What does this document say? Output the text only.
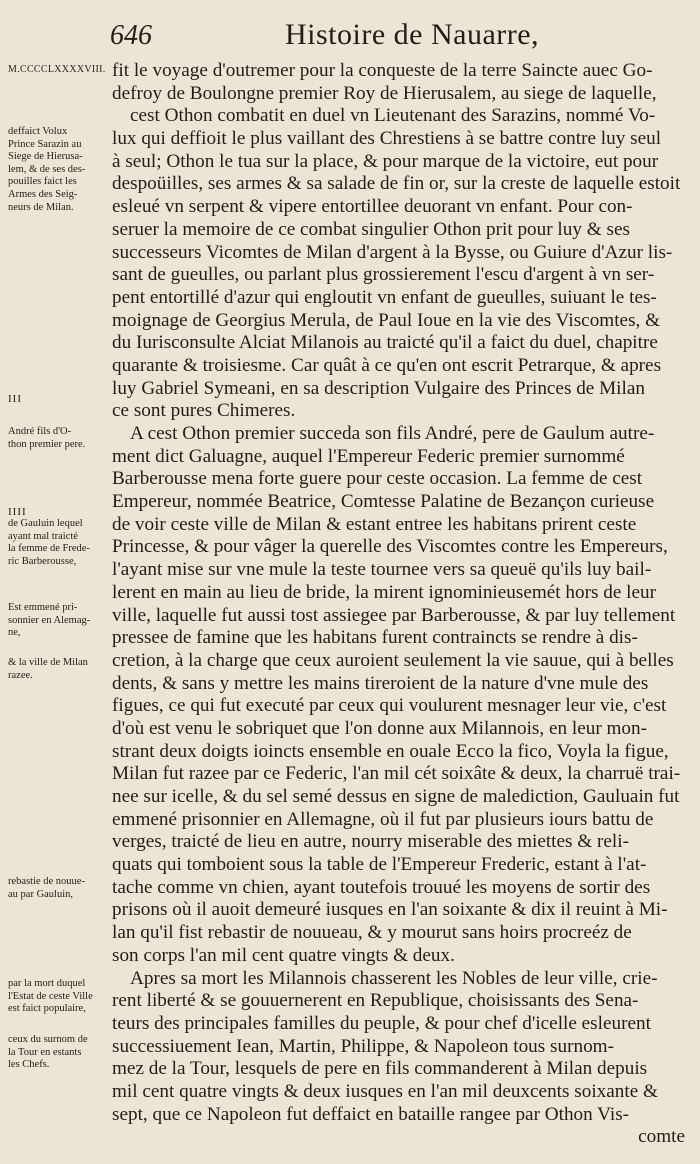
646	Histoire de Nauarre,
M.CCCCLXXXXVIII.
deffaict Volux
Prince Sarazin au
Siege de Hierusa-
lem, & de ses des-
pouilles faict les
Armes des Seig-
neurs de Milan.
III
André fils d'O-
thon premier pere.
IIII
de Gauluin lequel
ayant mal traicté
la femme de Frede-
ric Barberousse,
Est emmené pri-
sonnier en Alemag-
ne,
& la ville de Milan
razee.
rebastie de nouue-
au par Gauluin,
par la mort duquel
l'Estat de ceste Ville
est faict populaire,
ceux du surnom de
la Tour en estants
les Chefs.
fit le voyage d'outremer pour la conqueste de la terre Saincte auec Go-
defroy de Boulongne premier Roy de Hierusalem, au siege de laquelle,
cest Othon combatit en duel vn Lieutenant des Sarazins, nommé Vo-
lux qui deffioit le plus vaillant des Chrestiens à se battre contre luy seul
à seul; Othon le tua sur la place, & pour marque de la victoire, eut pour
despoüilles, ses armes & sa salade de fin or, sur la creste de laquelle estoit
esleué vn serpent & vipere entortillee deuorant vn enfant. Pour con-
seruer la memoire de ce combat singulier Othon prit pour luy & ses
successeurs Vicomtes de Milan d'argent à la Bysse, ou Guiure d'Azur lis-
sant de gueulles, ou parlant plus grossierement l'escu d'argent à vn ser-
pent entortillé d'azur qui engloutit vn enfant de gueulles, suiuant le tes-
moignage de Georgius Merula, de Paul Ioue en la vie des Viscomtes, &
du Iurisconsulte Alciat Milanois au traicté qu'il a faict du duel, chapitre
quarante & troisiesme. Car quât à ce qu'en ont escrit Petrarque, & apres
luy Gabriel Symeani, en sa description Vulgaire des Princes de Milan
ce sont pures Chimeres.
A cest Othon premier succeda son fils André, pere de Gaulum autre-
ment dict Galuagne, auquel l'Empereur Federic premier surnommé
Barberousse mena forte guere pour ceste occasion. La femme de cest
Empereur, nommée Beatrice, Comtesse Palatine de Bezançon curieuse
de voir ceste ville de Milan & estant entree les habitans prirent ceste
Princesse, & pour vâger la querelle des Viscomtes contre les Empereurs,
l'ayant mise sur vne mule la teste tournee vers sa queuë qu'ils luy bail-
lerent en main au lieu de bride, la mirent ignominieusemét hors de leur
ville, laquelle fut aussi tost assiegee par Barberousse, & par luy tellement
pressee de famine que les habitans furent contraincts se rendre à dis-
cretion, à la charge que ceux auroient seulement la vie sauue, qui à belles
dents, & sans y mettre les mains tireroient de la nature d'vne mule des
figues, ce qui fut executé par ceux qui voulurent mesnager leur vie, c'est
d'où est venu le sobriquet que l'on donne aux Milannois, en leur mon-
strant deux doigts ioincts ensemble en ouale Ecco la fico, Voyla la figue,
Milan fut razee par ce Federic, l'an mil cét soixâte & deux, la charruë trai-
nee sur icelle, & du sel semé dessus en signe de malediction, Gauluain fut
emmené prisonnier en Allemagne, où il fut par plusieurs iours battu de
verges, traicté de lieu en autre, nourry miserable des miettes & reli-
quats qui tomboient sous la table de l'Empereur Frederic, estant à l'at-
tache comme vn chien, ayant toutefois trouué les moyens de sortir des
prisons où il auoit demeuré iusques en l'an soixante & dix il reuint à Mi-
lan qu'il fist rebastir de nouueau, & y mourut sans hoirs procreéz de
son corps l'an mil cent quatre vingts & deux.
Apres sa mort les Milannois chasserent les Nobles de leur ville, crie-
rent liberté & se gouuernerent en Republique, choisissants des Sena-
teurs des principales familles du peuple, & pour chef d'icelle esleurent
successiuement Iean, Martin, Philippe, & Napoleon tous surnom-
mez de la Tour, lesquels de pere en fils commanderent à Milan depuis
mil cent quatre vingts & deux iusques en l'an mil deuxcents soixante &
sept, que ce Napoleon fut deffaict en bataille rangee par Othon Vis-
comte
